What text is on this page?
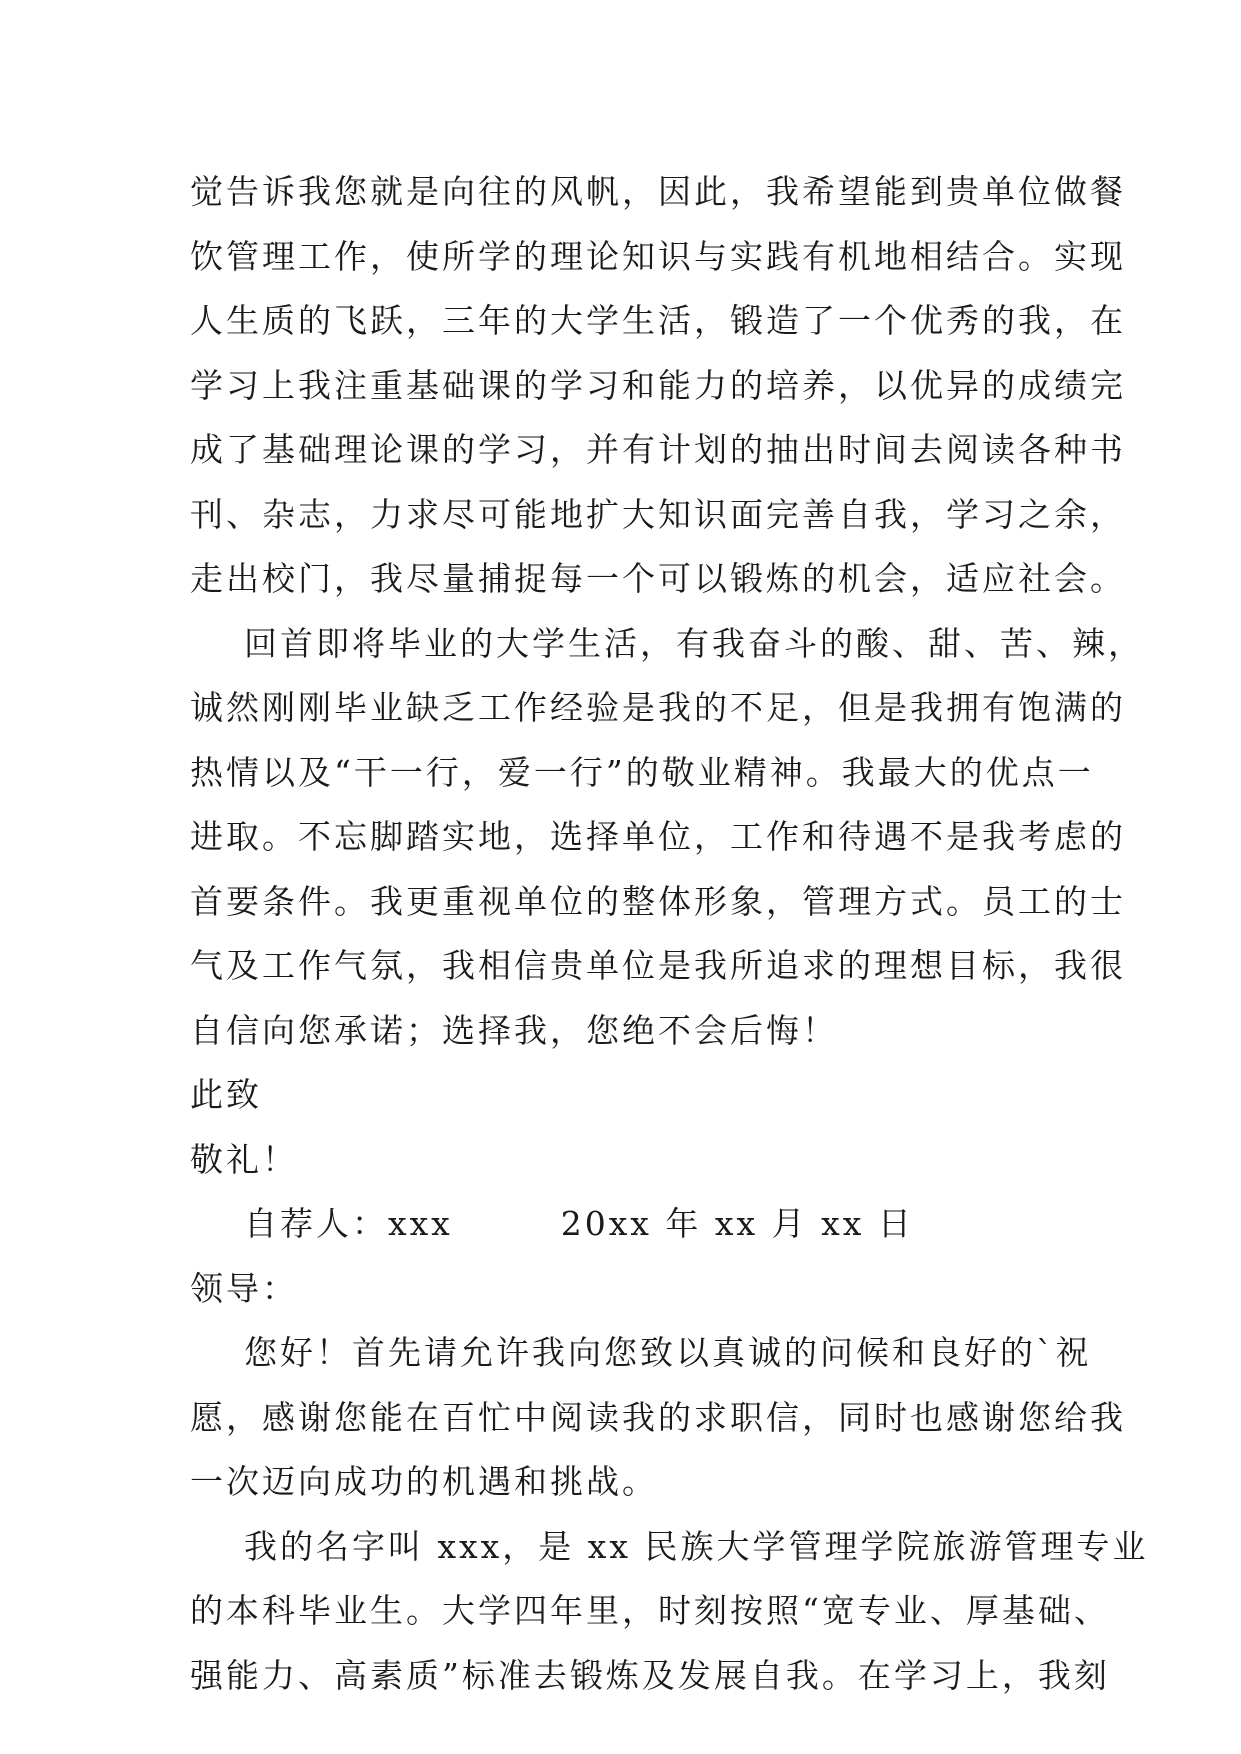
觉告诉我您就是向往的风帆，因此，我希望能到贵单位做餐

饮管理工作，使所学的理论知识与实践有机地相结合。实现

人生质的飞跃，三年的大学生活，锻造了一个优秀的我，在

学习上我注重基础课的学习和能力的培养，以优异的成绩完

成了基础理论课的学习，并有计划的抽出时间去阅读各种书

刊、杂志，力求尽可能地扩大知识面完善自我，学习之余，

走出校门，我尽量捕捉每一个可以锻炼的机会，适应社会。

回首即将毕业的大学生活，有我奋斗的酸、甜、苦、辣，

诚然刚刚毕业缺乏工作经验是我的不足，但是我拥有饱满的

热情以及“干一行，爱一行”的敬业精神。我最大的优点一

进取。不忘脚踏实地，选择单位，工作和待遇不是我考虑的

首要条件。我更重视单位的整体形象，管理方式。员工的士

气及工作气氛，我相信贵单位是我所追求的理想目标，我很

自信向您承诺；选择我，您绝不会后悔！

此致

敬礼！

自荐人：xxx        20xx 年 xx 月 xx 日

领导：

您好！首先请允许我向您致以真诚的问候和良好的`祝

愿，感谢您能在百忙中阅读我的求职信，同时也感谢您给我

一次迈向成功的机遇和挑战。

我的名字叫 xxx，是 xx 民族大学管理学院旅游管理专业

的本科毕业生。大学四年里，时刻按照“宽专业、厚基础、

强能力、高素质”标准去锻炼及发展自我。在学习上，我刻
